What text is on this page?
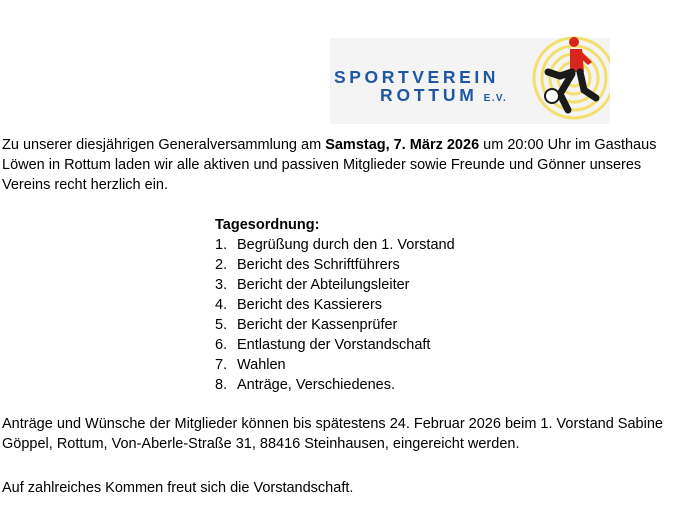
SPORTVEREIN
ROTTUM E.V.

Zu unserer diesjährigen Generalversammlung am Samstag, 7. März 2026 um 20:00 Uhr im Gasthaus Löwen in Rottum laden wir alle aktiven und passiven Mitglieder sowie Freunde und Gönner unseres Vereins recht herzlich ein.

Tagesordnung:

1. Begrüßung durch den 1. Vorstand
2. Bericht des Schriftführers
3. Bericht der Abteilungsleiter
4. Bericht des Kassierers
5. Bericht der Kassenprüfer
6. Entlastung der Vorstandschaft
7. Wahlen
8. Anträge, Verschiedenes.

Anträge und Wünsche der Mitglieder können bis spätestens 24. Februar 2026 beim 1. Vorstand Sabine Göppel, Rottum, Von-Aberle-Straße 31, 88416 Steinhausen, eingereicht werden.

Auf zahlreiches Kommen freut sich die Vorstandschaft.
